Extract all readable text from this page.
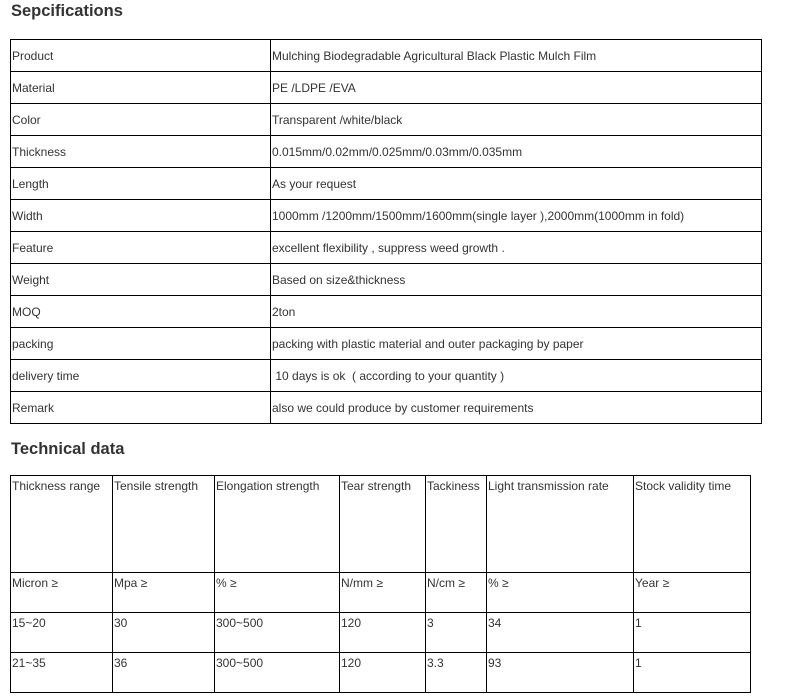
Sepcifications
Product	Mulching Biodegradable Agricultural Black Plastic Mulch Film
Material	PE /LDPE /EVA
Color	Transparent /white/black
Thickness	0.015mm/0.02mm/0.025mm/0.03mm/0.035mm
Length	As your request
Width	1000mm /1200mm/1500mm/1600mm(single layer ),2000mm(1000mm in fold)
Feature	excellent flexibility , suppress weed growth .
Weight	Based on size&thickness
MOQ	2ton
packing	packing with plastic material and outer packaging by paper
delivery time	10 days is ok  ( according to your quantity )
Remark	also we could produce by customer requirements
Technical data
Thickness range	Tensile strength	Elongation strength	Tear strength	Tackiness	Light transmission rate	Stock validity time
Micron ≥	Mpa ≥	% ≥	N/mm ≥	N/cm ≥	% ≥	Year ≥
15~20	30	300~500	120	3	34	1
21~35	36	300~500	120	3.3	93	1
